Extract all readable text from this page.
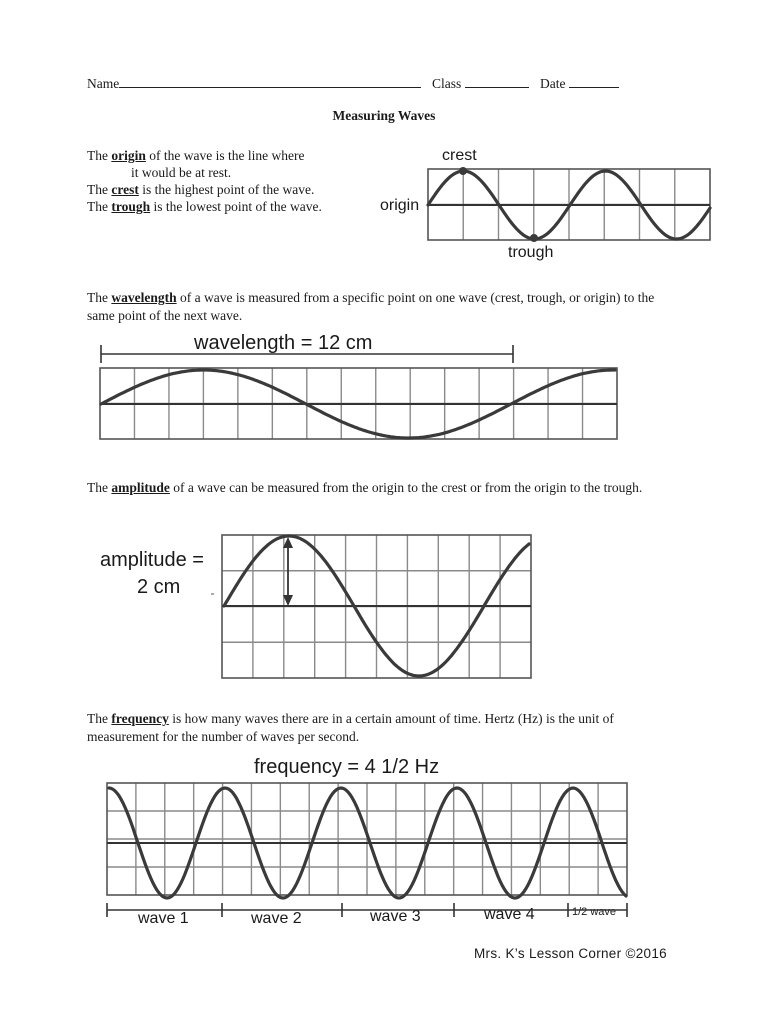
Name	Class	Date
Measuring Waves
The origin of the wave is the line where
it would be at rest.
The crest is the highest point of the wave.
The trough is the lowest point of the wave.
crest
origin
trough
The wavelength of a wave is measured from a specific point on one wave (crest, trough, or origin) to the same point of the next wave.
wavelength = 12 cm
The amplitude of a wave can be measured from the origin to the crest or from the origin to the trough.
amplitude =
2 cm
The frequency is how many waves there are in a certain amount of time. Hertz (Hz) is the unit of measurement for the number of waves per second.
frequency = 4 1/2 Hz
wave 1	wave 2	wave 3	wave 4	1/2 wave
Mrs. K’s Lesson Corner ©2016
